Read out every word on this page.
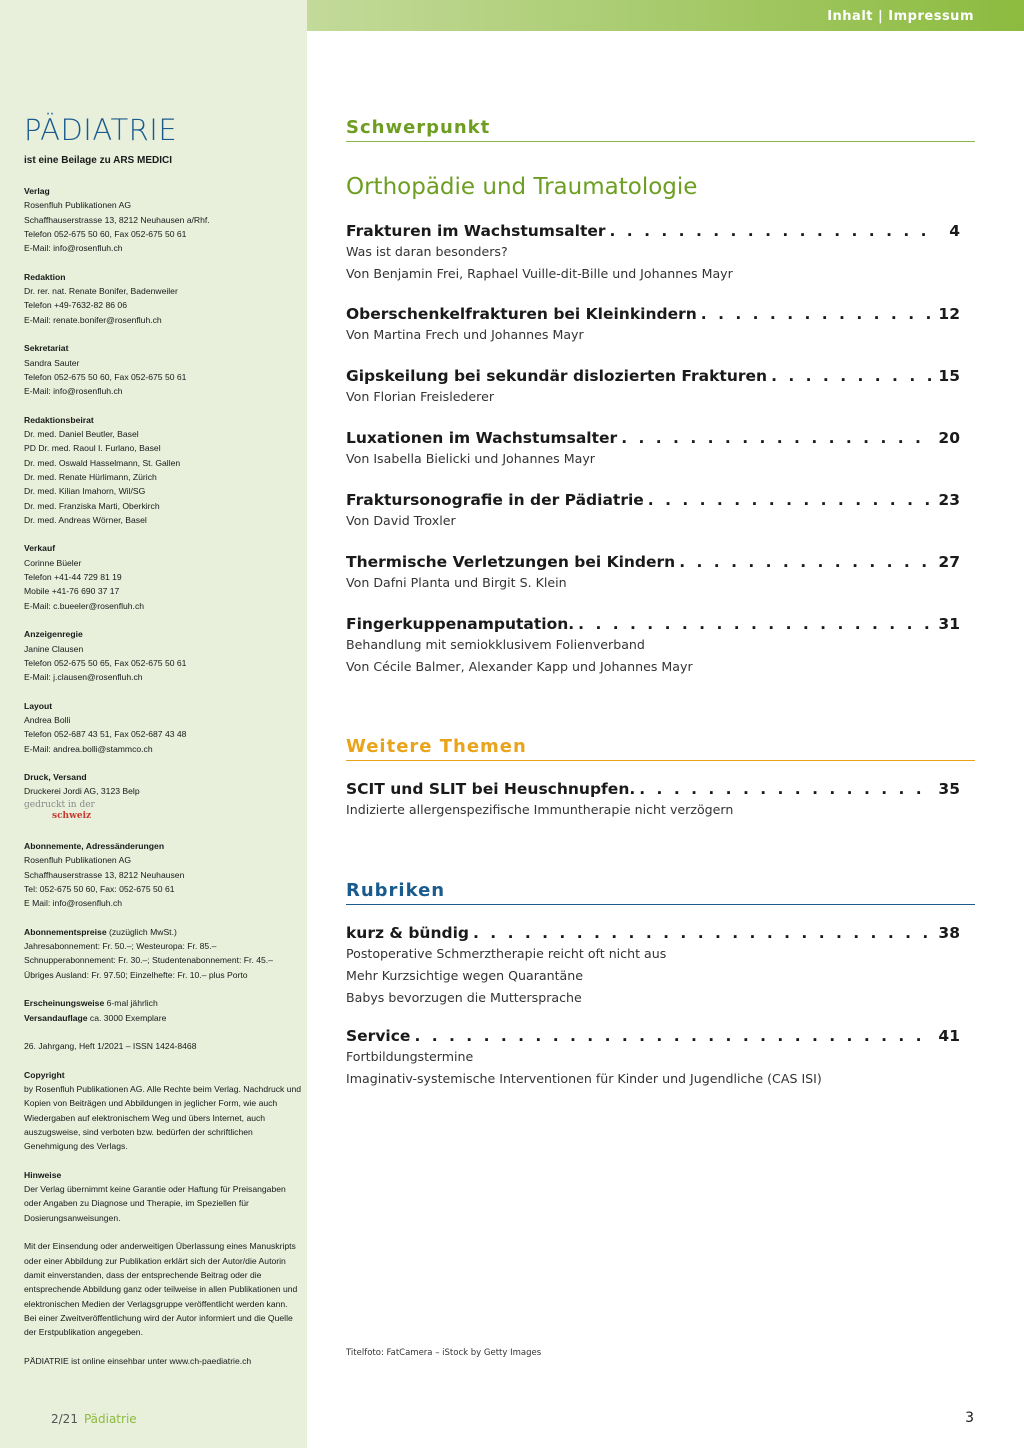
PÄDIATRIE
ist eine Beilage zu ARS MEDICI
Verlag
Rosenfluh Publikationen AG
Schaffhauserstrasse 13, 8212 Neuhausen a/Rhf.
Telefon 052-675 50 60, Fax 052-675 50 61
E-Mail: info@rosenfluh.ch
Redaktion
Dr. rer. nat. Renate Bonifer, Badenweiler
Telefon +49-7632-82 86 06
E-Mail: renate.bonifer@rosenfluh.ch
Sekretariat
Sandra Sauter
Telefon 052-675 50 60, Fax 052-675 50 61
E-Mail: info@rosenfluh.ch
Redaktionsbeirat
Dr. med. Daniel Beutler, Basel
PD Dr. med. Raoul I. Furlano, Basel
Dr. med. Oswald Hasselmann, St. Gallen
Dr. med. Renate Hürlimann, Zürich
Dr. med. Kilian Imahorn, Wil/SG
Dr. med. Franziska Marti, Oberkirch
Dr. med. Andreas Wörner, Basel
Verkauf
Corinne Büeler
Telefon +41-44 729 81 19
Mobile +41-76 690 37 17
E-Mail: c.bueeler@rosenfluh.ch
Anzeigenregie
Janine Clausen
Telefon 052-675 50 65, Fax 052-675 50 61
E-Mail: j.clausen@rosenfluh.ch
Layout
Andrea Bolli
Telefon 052-687 43 51, Fax 052-687 43 48
E-Mail: andrea.bolli@stammco.ch
Druck, Versand
Druckerei Jordi AG, 3123 Belp
gedruckt in der
schweiz
Abonnemente, Adressänderungen
Rosenfluh Publikationen AG
Schaffhauserstrasse 13, 8212 Neuhausen
Tel: 052-675 50 60, Fax: 052-675 50 61
E Mail: info@rosenfluh.ch
Abonnementspreise (zuzüglich MwSt.)
Jahresabonnement: Fr. 50.–; Westeuropa: Fr. 85.–
Schnupperabonnement: Fr. 30.–; Studentenabonnement: Fr. 45.–
Übriges Ausland: Fr. 97.50; Einzelhefte: Fr. 10.– plus Porto
Erscheinungsweise 6-mal jährlich
Versandauflage ca. 3000 Exemplare
26. Jahrgang, Heft 1/2021 – ISSN 1424-8468
Copyright
by Rosenfluh Publikationen AG. Alle Rechte beim Verlag. Nachdruck und Kopien von Beiträgen und Abbildungen in jeglicher Form, wie auch Wiedergaben auf elektronischem Weg und übers Internet, auch auszugsweise, sind verboten bzw. bedürfen der schriftlichen Genehmigung des Verlags.
Hinweise
Der Verlag übernimmt keine Garantie oder Haftung für Preisangaben oder Angaben zu Diagnose und Therapie, im Speziellen für Dosierungsanweisungen.
Mit der Einsendung oder anderweitigen Überlassung eines Manuskripts oder einer Abbildung zur Publikation erklärt sich der Autor/die Autorin damit einverstanden, dass der entsprechende Beitrag oder die entsprechende Abbildung ganz oder teilweise in allen Publikationen und elektronischen Medien der Verlagsgruppe veröffentlicht werden kann. Bei einer Zweitveröffentlichung wird der Autor informiert und die Quelle der Erstpublikation angegeben.
PÄDIATRIE ist online einsehbar unter www.ch-paediatrie.ch
Inhalt | Impressum
Schwerpunkt
Orthopädie und Traumatologie
Weitere Themen
Rubriken
Frakturen im Wachstumsalter . . .	4
Was ist daran besonders?
Von Benjamin Frei, Raphael Vuille-dit-Bille und Johannes Mayr
Oberschenkelfrakturen bei Kleinkindern . . .	12
Von Martina Frech und Johannes Mayr
Gipskeilung bei sekundär dislozierten Frakturen . . .	15
Von Florian Freislederer
Luxationen im Wachstumsalter . . .	20
Von Isabella Bielicki und Johannes Mayr
Fraktursonografie in der Pädiatrie . . .	23
Von David Troxler
Thermische Verletzungen bei Kindern . . .	27
Von Dafni Planta und Birgit S. Klein
Fingerkuppenamputation. . . .	31
Behandlung mit semiokklusivem Folienverband
Von Cécile Balmer, Alexander Kapp und Johannes Mayr
SCIT und SLIT bei Heuschnupfen. . . .	35
Indizierte allergenspezifische Immuntherapie nicht verzögern
kurz & bündig . . .	38
Postoperative Schmerztherapie reicht oft nicht aus
Mehr Kurzsichtige wegen Quarantäne
Babys bevorzugen die Muttersprache
Service . . .	41
Fortbildungstermine
Imaginativ-systemische Interventionen für Kinder und Jugendliche (CAS ISI)
Titelfoto: FatCamera – iStock by Getty Images
2/21 Pädiatrie	3
